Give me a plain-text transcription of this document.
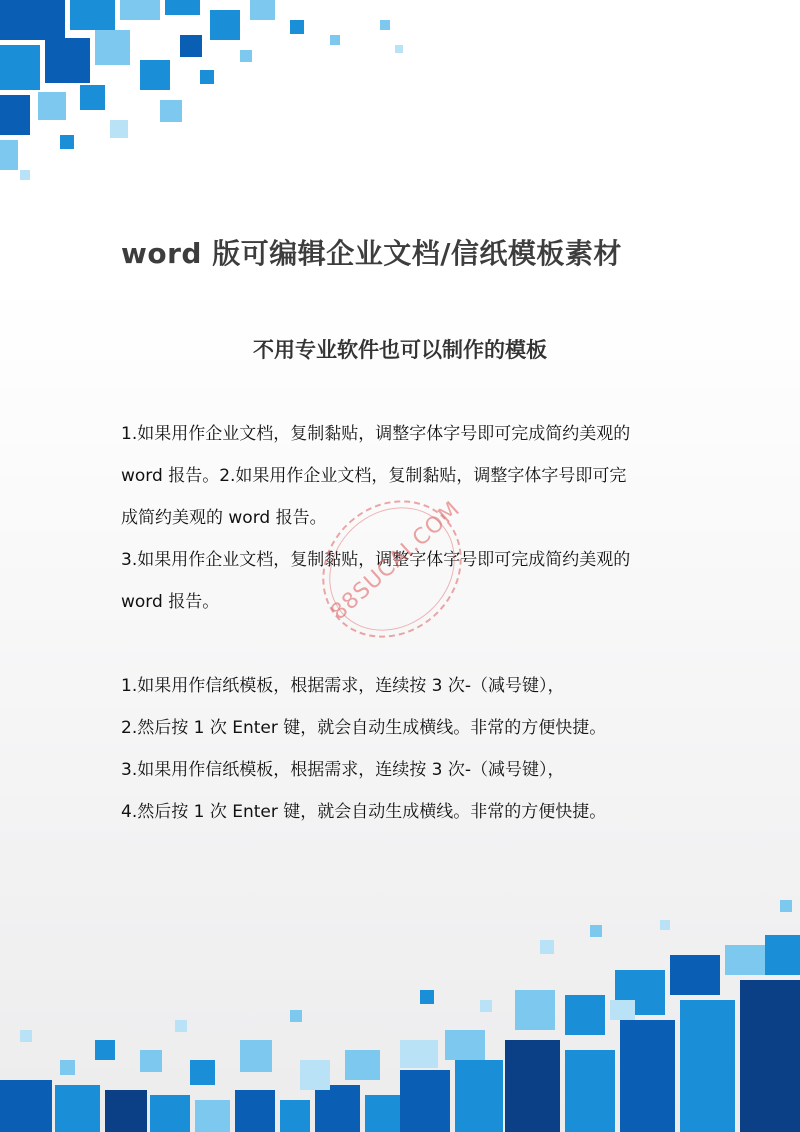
word 版可编辑企业文档/信纸模板素材
不用专业软件也可以制作的模板
1.如果用作企业文档，复制黏贴，调整字体字号即可完成简约美观的
word 报告。2.如果用作企业文档，复制黏贴，调整字体字号即可完
成简约美观的 word 报告。
3.如果用作企业文档，复制黏贴，调整字体字号即可完成简约美观的
word 报告。
1.如果用作信纸模板，根据需求，连续按 3 次-（减号键），
2.然后按 1 次 Enter 键，就会自动生成横线。非常的方便快捷。
3.如果用作信纸模板，根据需求，连续按 3 次-（减号键），
4.然后按 1 次 Enter 键，就会自动生成横线。非常的方便快捷。
88SUCAI.COM
